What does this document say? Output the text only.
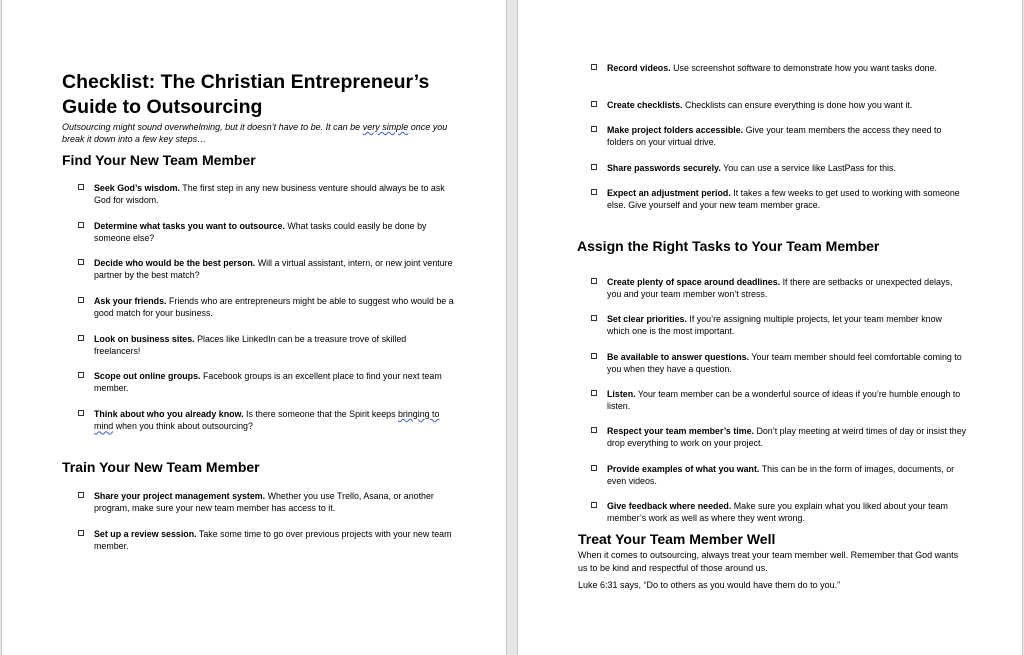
Checklist: The Christian Entrepreneur’s Guide to Outsourcing

Outsourcing might sound overwhelming, but it doesn’t have to be. It can be very simple once you break it down into a few key steps…

Find Your New Team Member

Seek God’s wisdom. The first step in any new business venture should always be to ask God for wisdom.

Determine what tasks you want to outsource. What tasks could easily be done by someone else?

Decide who would be the best person. Will a virtual assistant, intern, or new joint venture partner by the best match?

Ask your friends. Friends who are entrepreneurs might be able to suggest who would be a good match for your business.

Look on business sites. Places like LinkedIn can be a treasure trove of skilled freelancers!

Scope out online groups. Facebook groups is an excellent place to find your next team member.

Think about who you already know. Is there someone that the Spirit keeps bringing to mind when you think about outsourcing?

Train Your New Team Member

Share your project management system. Whether you use Trello, Asana, or another program, make sure your new team member has access to it.

Set up a review session. Take some time to go over previous projects with your new team member.

Record videos. Use screenshot software to demonstrate how you want tasks done.

Create checklists. Checklists can ensure everything is done how you want it.

Make project folders accessible. Give your team members the access they need to folders on your virtual drive.

Share passwords securely. You can use a service like LastPass for this.

Expect an adjustment period. It takes a few weeks to get used to working with someone else. Give yourself and your new team member grace.

Assign the Right Tasks to Your Team Member

Create plenty of space around deadlines. If there are setbacks or unexpected delays, you and your team member won’t stress.

Set clear priorities. If you’re assigning multiple projects, let your team member know which one is the most important.

Be available to answer questions. Your team member should feel comfortable coming to you when they have a question.

Listen. Your team member can be a wonderful source of ideas if you’re humble enough to listen.

Respect your team member’s time. Don’t play meeting at weird times of day or insist they drop everything to work on your project.

Provide examples of what you want. This can be in the form of images, documents, or even videos.

Give feedback where needed. Make sure you explain what you liked about your team member’s work as well as where they went wrong.

Treat Your Team Member Well

When it comes to outsourcing, always treat your team member well. Remember that God wants us to be kind and respectful of those around us.

Luke 6:31 says, “Do to others as you would have them do to you.”
